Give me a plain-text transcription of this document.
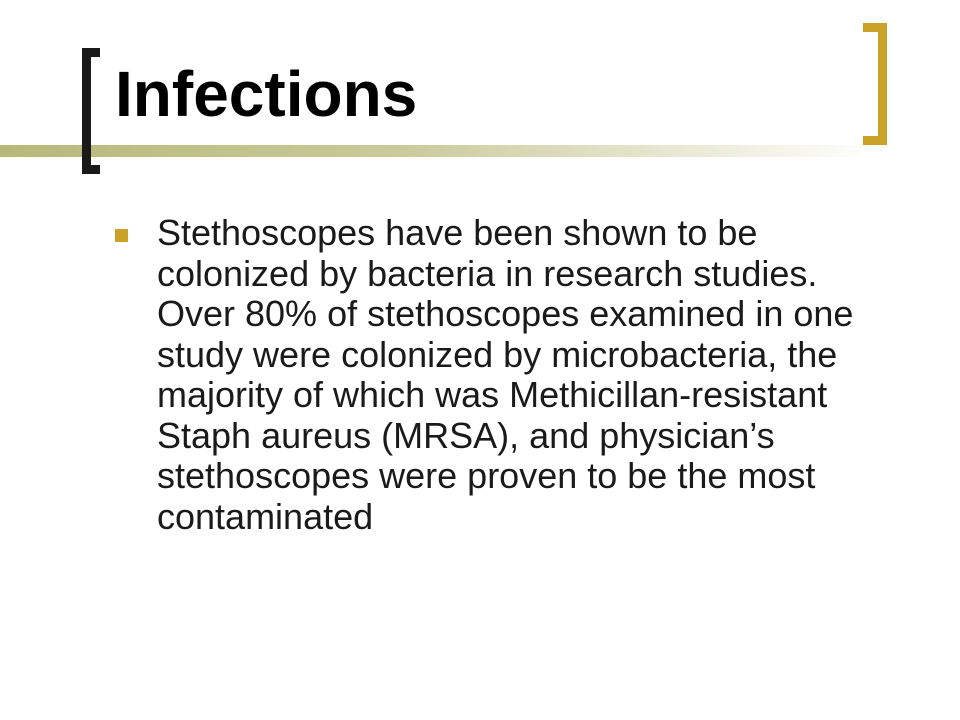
Infections
Stethoscopes have been shown to be colonized by bacteria in research studies. Over 80% of stethoscopes examined in one study were colonized by microbacteria, the majority of which was Methicillan-resistant Staph aureus (MRSA), and physician’s stethoscopes were proven to be the most contaminated
